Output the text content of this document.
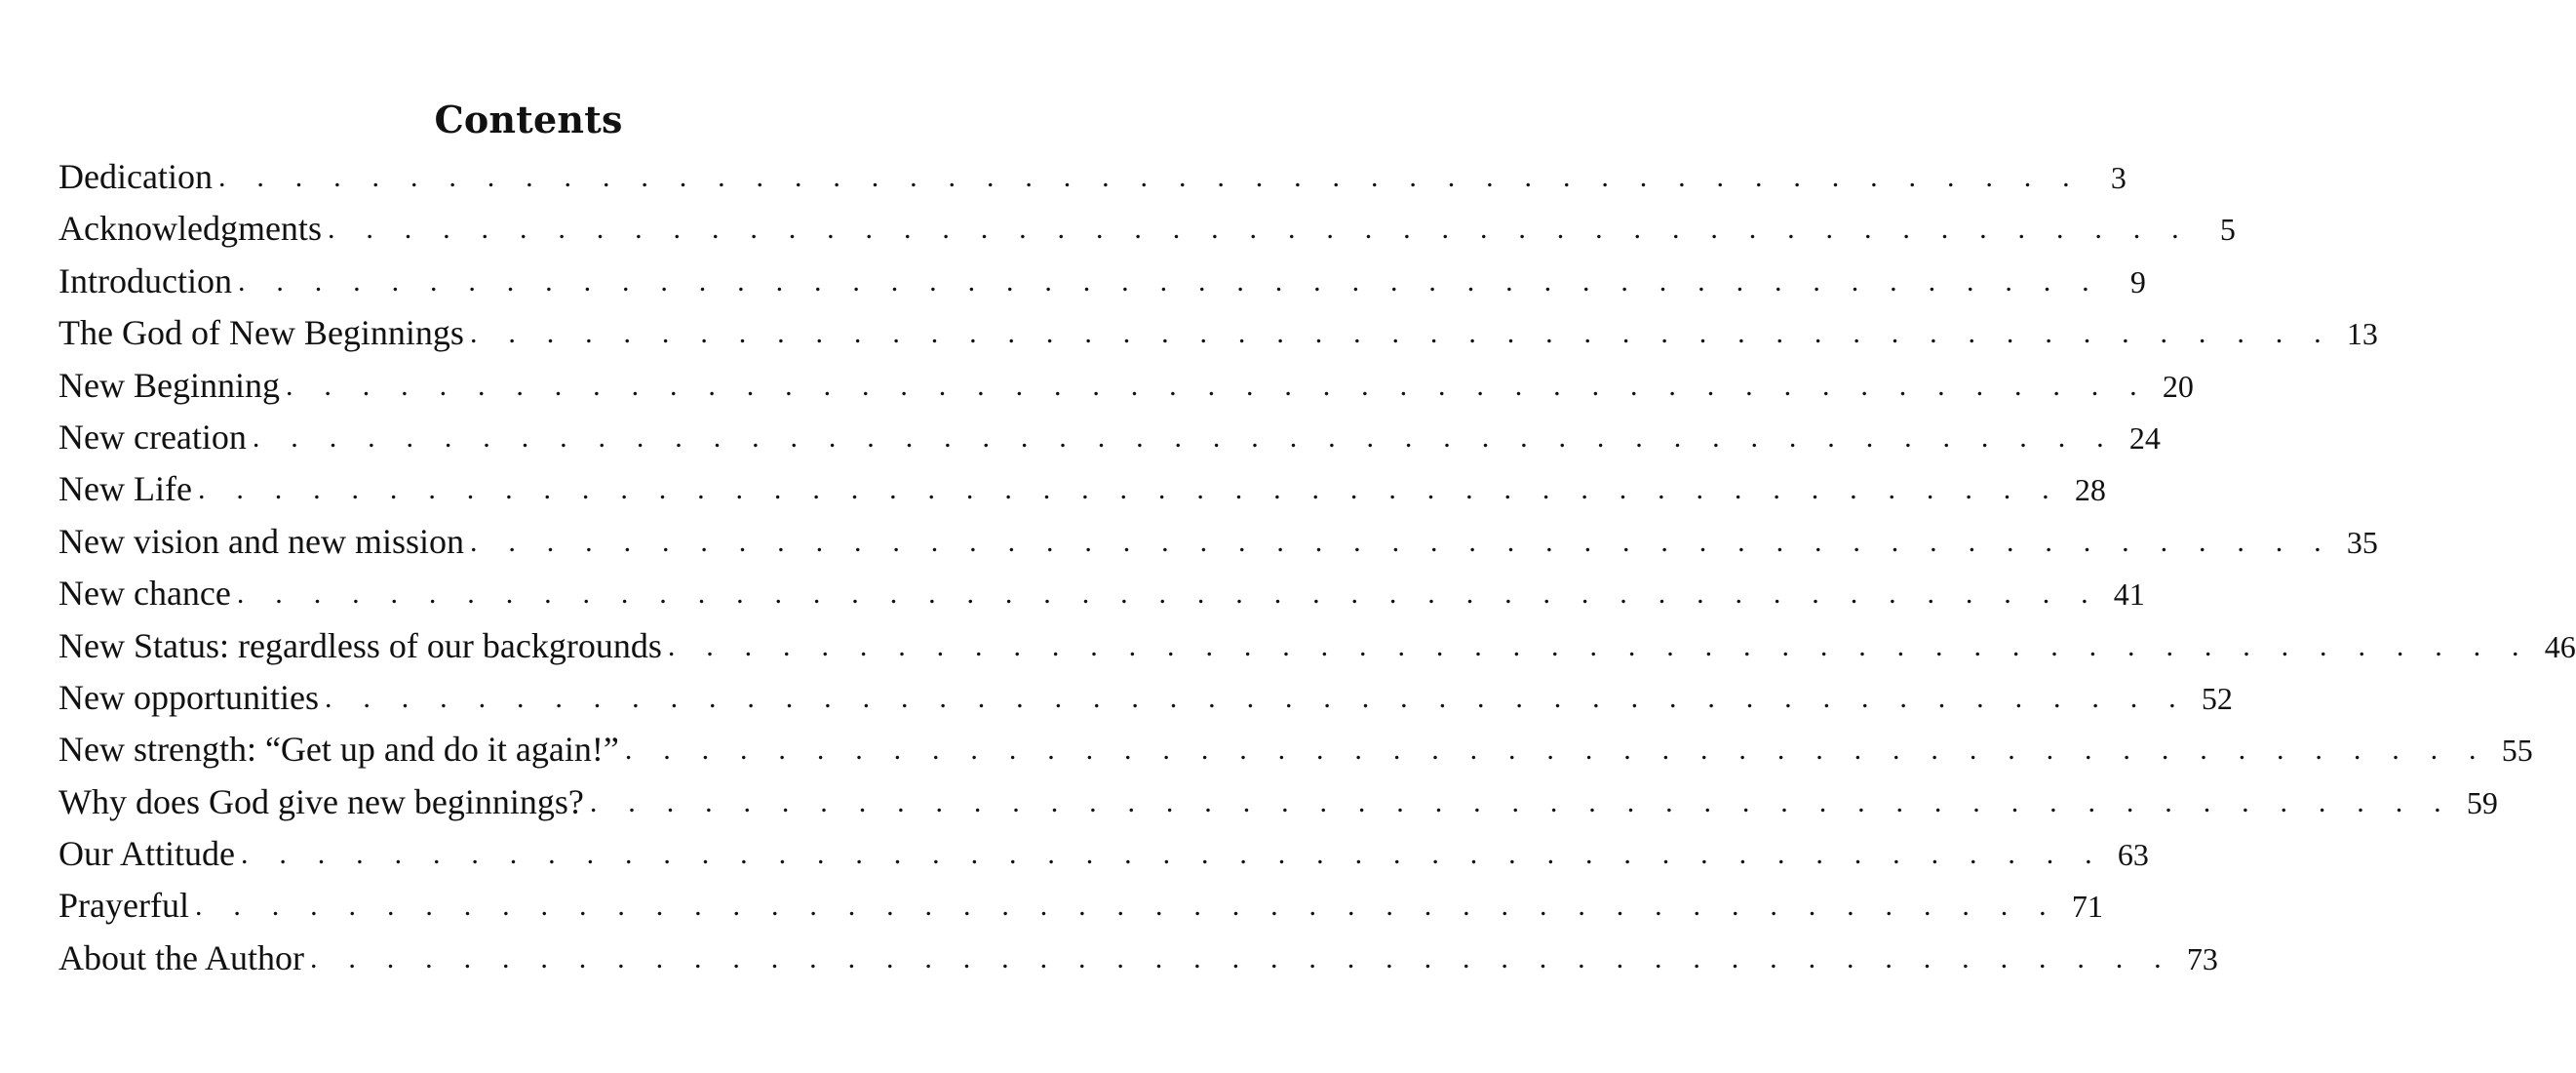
Contents
Dedication . . . . . . . . . . . . . . . . . . . . . . . . . . . . . . . . . . . . . . . . . . . . . . . . . 3
Acknowledgments . . . . . . . . . . . . . . . . . . . . . . . . . . . . . . . . . . . . . . . . . . . . . . . . . 5
Introduction . . . . . . . . . . . . . . . . . . . . . . . . . . . . . . . . . . . . . . . . . . . . . . . . . 9
The God of New Beginnings . . . . . . . . . . . . . . . . . . . . . . . . . . . . . . . . . . . . . . . . . . . . . . . . . 13
New Beginning . . . . . . . . . . . . . . . . . . . . . . . . . . . . . . . . . . . . . . . . . . . . . . . . . 20
New creation . . . . . . . . . . . . . . . . . . . . . . . . . . . . . . . . . . . . . . . . . . . . . . . . . 24
New Life . . . . . . . . . . . . . . . . . . . . . . . . . . . . . . . . . . . . . . . . . . . . . . . . . 28
New vision and new mission . . . . . . . . . . . . . . . . . . . . . . . . . . . . . . . . . . . . . . . . . . . . . . . . . 35
New chance . . . . . . . . . . . . . . . . . . . . . . . . . . . . . . . . . . . . . . . . . . . . . . . . . 41
New Status: regardless of our backgrounds . . . . . . . . . . . . . . . . . . . . . . . . . . . . . . . . . . . . . . . . . . . . . . . . . 46
New opportunities . . . . . . . . . . . . . . . . . . . . . . . . . . . . . . . . . . . . . . . . . . . . . . . . . 52
New strength: “Get up and do it again!” . . . . . . . . . . . . . . . . . . . . . . . . . . . . . . . . . . . . . . . . . . . . . . . . . 55
Why does God give new beginnings? . . . . . . . . . . . . . . . . . . . . . . . . . . . . . . . . . . . . . . . . . . . . . . . . . 59
Our Attitude . . . . . . . . . . . . . . . . . . . . . . . . . . . . . . . . . . . . . . . . . . . . . . . . . 63
Prayerful . . . . . . . . . . . . . . . . . . . . . . . . . . . . . . . . . . . . . . . . . . . . . . . . . 71
About the Author . . . . . . . . . . . . . . . . . . . . . . . . . . . . . . . . . . . . . . . . . . . . . . . . . 73
